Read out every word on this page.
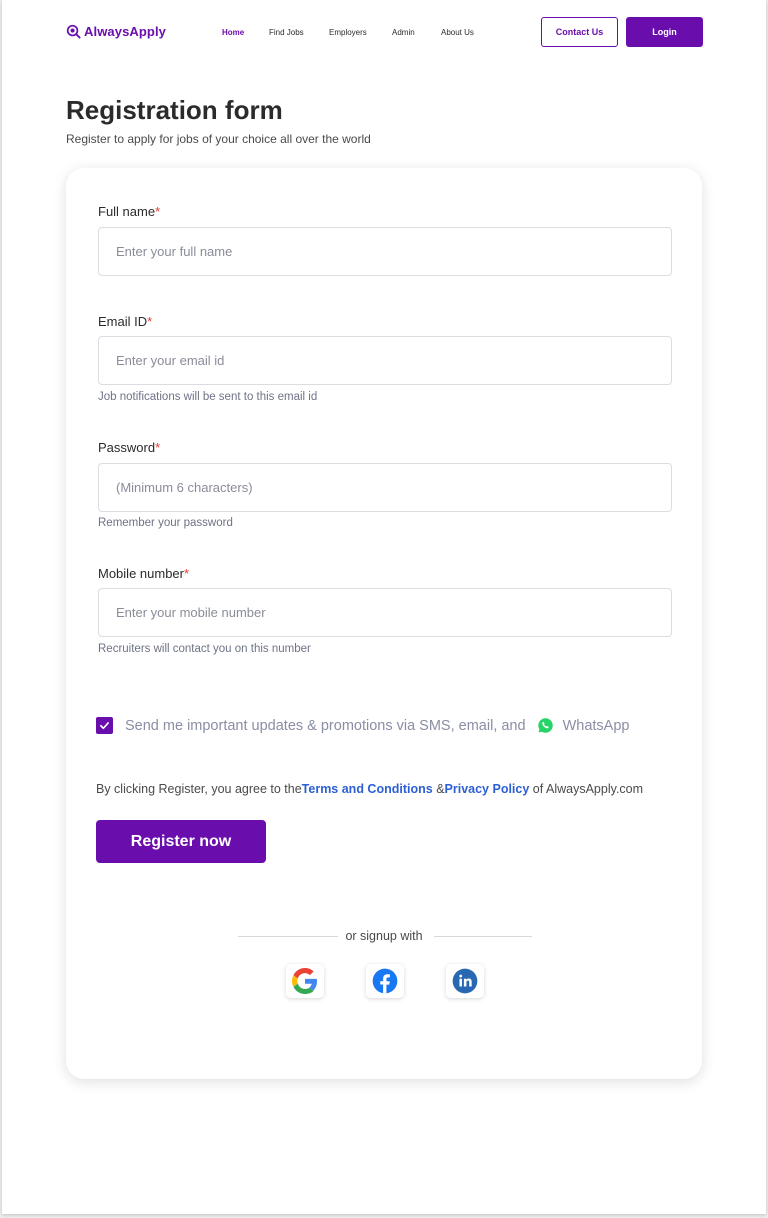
AlwaysApply	Home	Find Jobs	Employers	Admin	About Us	Contact Us	Login
Registration form

Register to apply for jobs of your choice all over the world

Full name*
Enter your full name
Email ID*
Enter your email id
Job notifications will be sent to this email id
Password*
Remember your password
Mobile number*
Enter your mobile number
Recruiters will contact you on this number
Send me important updates & promotions via SMS, email, and	WhatsApp

By clicking Register, you agree to theTerms and Conditions &Privacy Policy of AlwaysApply.com

Register now
or signup with
